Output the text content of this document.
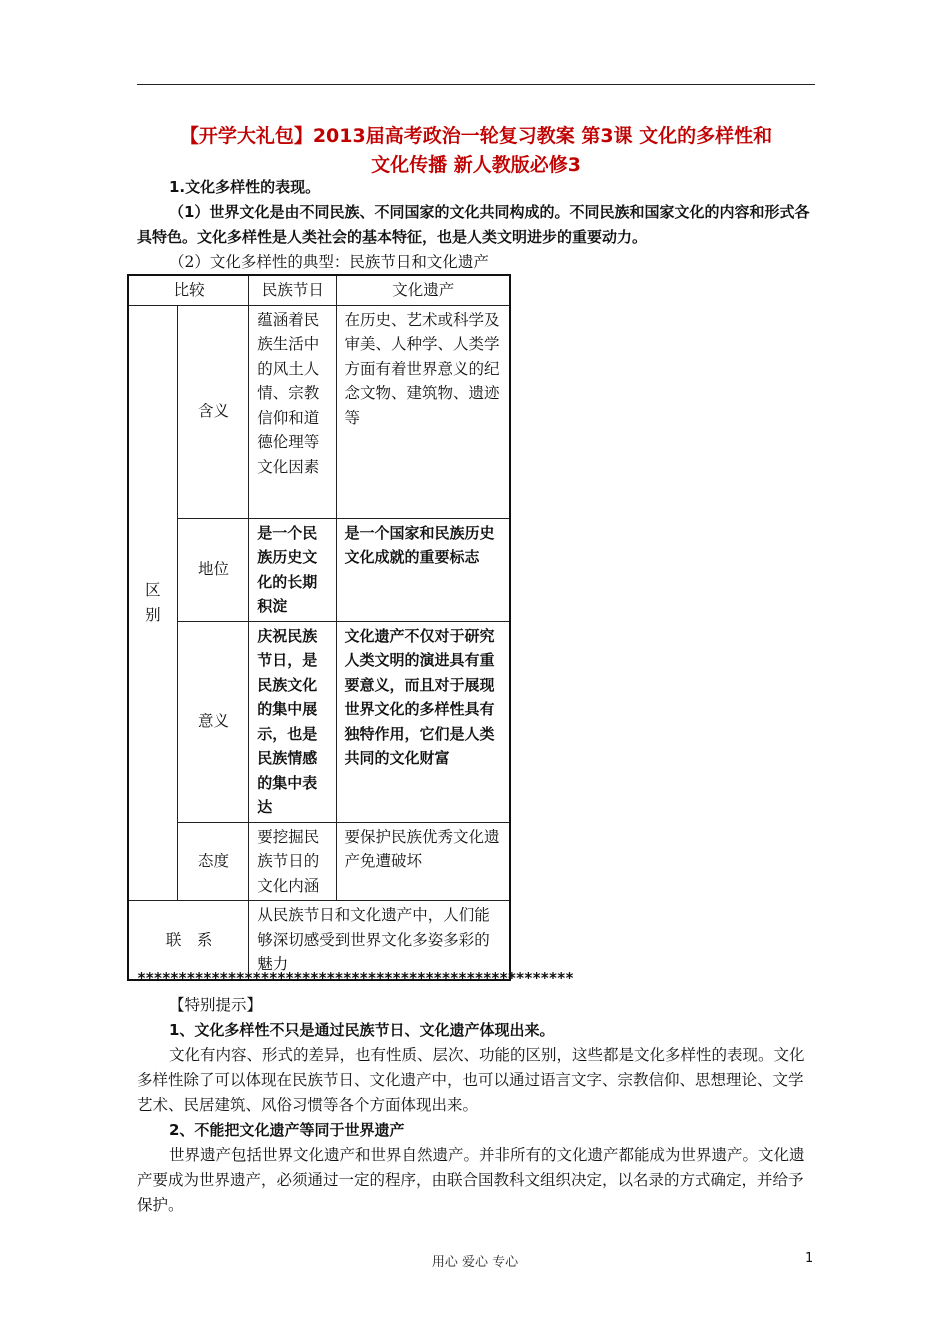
【开学大礼包】2013届高考政治一轮复习教案 第3课 文化的多样性和
文化传播 新人教版必修3

1.文化多样性的表现。

（1）世界文化是由不同民族、不同国家的文化共同构成的。不同民族和国家文化的内容和形式各具特色。文化多样性是人类社会的基本特征，也是人类文明进步的重要动力。

（2）文化多样性的典型：民族节日和文化遗产

比较		民族节日	文化遗产
区别	含义	蕴涵着民族生活中的风土人情、宗教信仰和道德伦理等文化因素	在历史、艺术或科学及审美、人种学、人类学方面有着世界意义的纪念文物、建筑物、遗迹等
	地位	是一个民族历史文化的长期积淀	是一个国家和民族历史文化成就的重要标志
	意义	庆祝民族节日，是民族文化的集中展示，也是民族情感的集中表达	文化遗产不仅对于研究人类文明的演进具有重要意义，而且对于展现世界文化的多样性具有独特作用，它们是人类共同的文化财富
	态度	要挖掘民族节日的文化内涵	要保护民族优秀文化遗产免遭破坏
联　系		从民族节日和文化遗产中，人们能够深切感受到世界文化多姿多彩的魅力	
*****************************************************

【特别提示】

1、文化多样性不只是通过民族节日、文化遗产体现出来。

文化有内容、形式的差异，也有性质、层次、功能的区别，这些都是文化多样性的表现。文化多样性除了可以体现在民族节日、文化遗产中，也可以通过语言文字、宗教信仰、思想理论、文学艺术、民居建筑、风俗习惯等各个方面体现出来。

2、不能把文化遗产等同于世界遗产

世界遗产包括世界文化遗产和世界自然遗产。并非所有的文化遗产都能成为世界遗产。文化遗产要成为世界遗产，必须通过一定的程序，由联合国教科文组织决定，以名录的方式确定，并给予保护。

用心 爱心 专心	1
